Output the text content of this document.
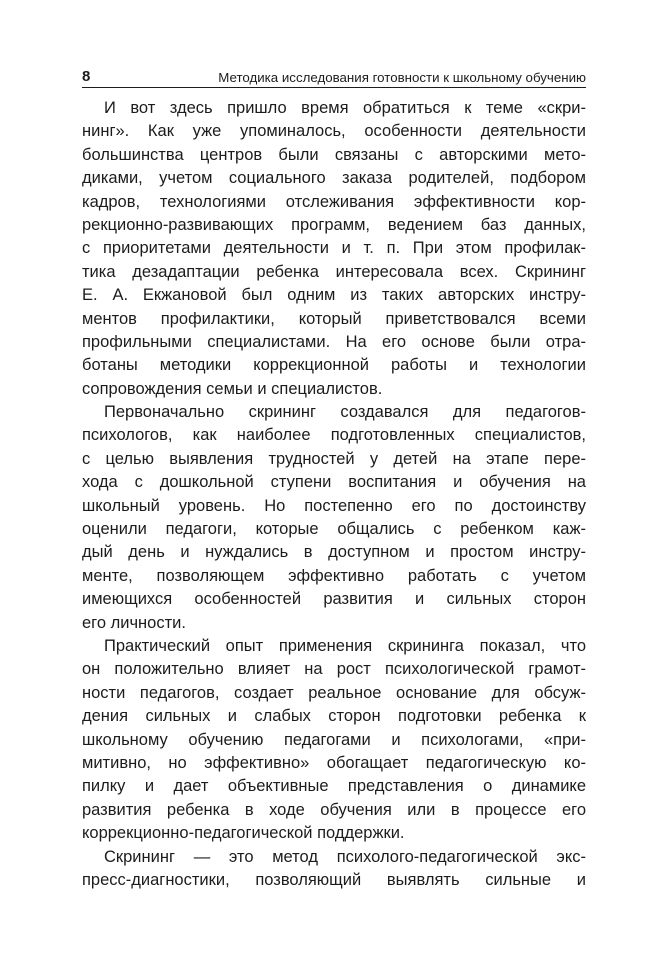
8	Методика исследования готовности к школьному обучению
И вот здесь пришло время обратиться к теме «скри-
нинг». Как уже упоминалось, особенности деятельности
большинства центров были связаны с авторскими мето-
диками, учетом социального заказа родителей, подбором
кадров, технологиями отслеживания эффективности кор-
рекционно-развивающих программ, ведением баз данных,
с приоритетами деятельности и т. п. При этом профилак-
тика дезадаптации ребенка интересовала всех. Скрининг
Е. А. Екжановой был одним из таких авторских инстру-
ментов профилактики, который приветствовался всеми
профильными специалистами. На его основе были отра-
ботаны методики коррекционной работы и технологии
сопровождения семьи и специалистов.
Первоначально скрининг создавался для педагогов-
психологов, как наиболее подготовленных специалистов,
с целью выявления трудностей у детей на этапе пере-
хода с дошкольной ступени воспитания и обучения на
школьный уровень. Но постепенно его по достоинству
оценили педагоги, которые общались с ребенком каж-
дый день и нуждались в доступном и простом инстру-
менте, позволяющем эффективно работать с учетом
имеющихся особенностей развития и сильных сторон
его личности.
Практический опыт применения скрининга показал, что
он положительно влияет на рост психологической грамот-
ности педагогов, создает реальное основание для обсуж-
дения сильных и слабых сторон подготовки ребенка к
школьному обучению педагогами и психологами, «при-
митивно, но эффективно» обогащает педагогическую ко-
пилку и дает объективные представления о динамике
развития ребенка в ходе обучения или в процессе его
коррекционно-педагогической поддержки.
Скрининг — это метод психолого-педагогической экс-
пресс-диагностики, позволяющий выявлять сильные и
